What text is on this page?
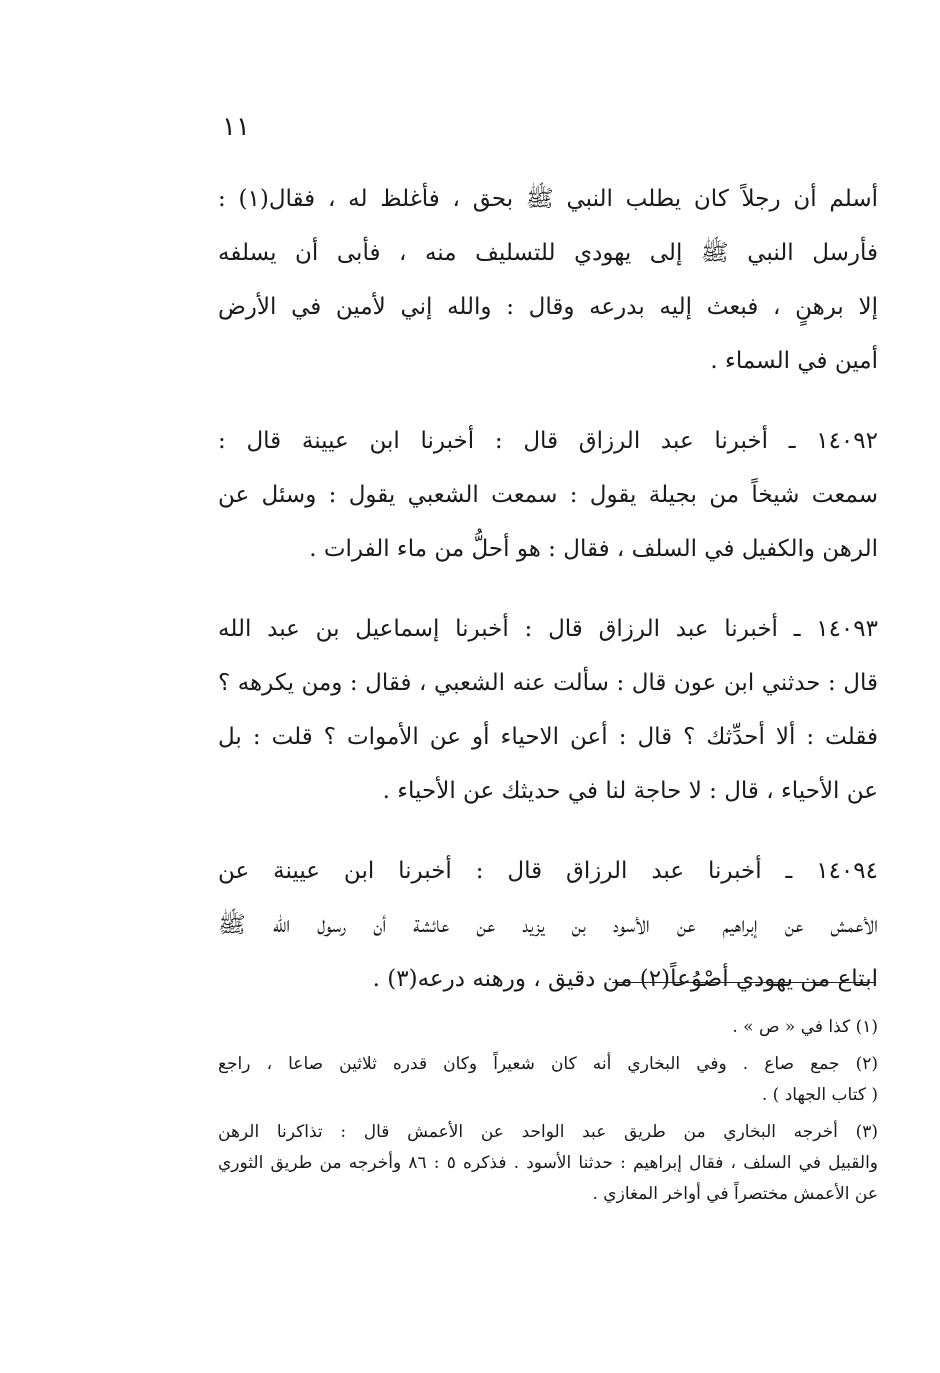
١١

أسلم أن رجلاً كان يطلب النبي ﷺ بحق ، فأغلظ له ، فقال(١) :
فأرسل النبي ﷺ إلى يهودي للتسليف منه ، فأبى أن يسلفه
إلا برهنٍ ، فبعث إليه بدرعه وقال : والله إني لأمين في الأرض
أمين في السماء .

١٤٠٩٢ ـ أخبرنا عبد الرزاق قال : أخبرنا ابن عيينة قال :
سمعت شيخاً من بجيلة يقول : سمعت الشعبي يقول : وسئل عن
الرهن والكفيل في السلف ، فقال : هو أحلُّ من ماء الفرات .

١٤٠٩٣ ـ أخبرنا عبد الرزاق قال : أخبرنا إسماعيل بن عبد الله
قال : حدثني ابن عون قال : سألت عنه الشعبي ، فقال : ومن يكرهه ؟
فقلت : ألا أحدِّثك ؟ قال : أعن الاحياء أو عن الأموات ؟ قلت : بل
عن الأحياء ، قال : لا حاجة لنا في حديثك عن الأحياء .

١٤٠٩٤ ـ أخبرنا عبد الرزاق قال : أخبرنا ابن عيينة عن
الأعمش عن إبراهيم عن الأسود بن يزيد عن عائشة أن رسول الله ﷺ
ابتاع من يهودي أصْوُعاً(٢) من دقيق ، ورهنه درعه(٣) .

(١) كذا في « ص » .

(٢) جمع صاع . وفي البخاري أنه كان شعيراً وكان قدره ثلاثين صاعا ، راجع
( كتاب الجهاد ) .

(٣) أخرجه البخاري من طريق عبد الواحد عن الأعمش قال : تذاكرنا الرهن
والقبيل في السلف ، فقال إبراهيم : حدثنا الأسود . فذكره ٥ : ٨٦ وأخرجه من طريق الثوري
عن الأعمش مختصراً في أواخر المغازي .
